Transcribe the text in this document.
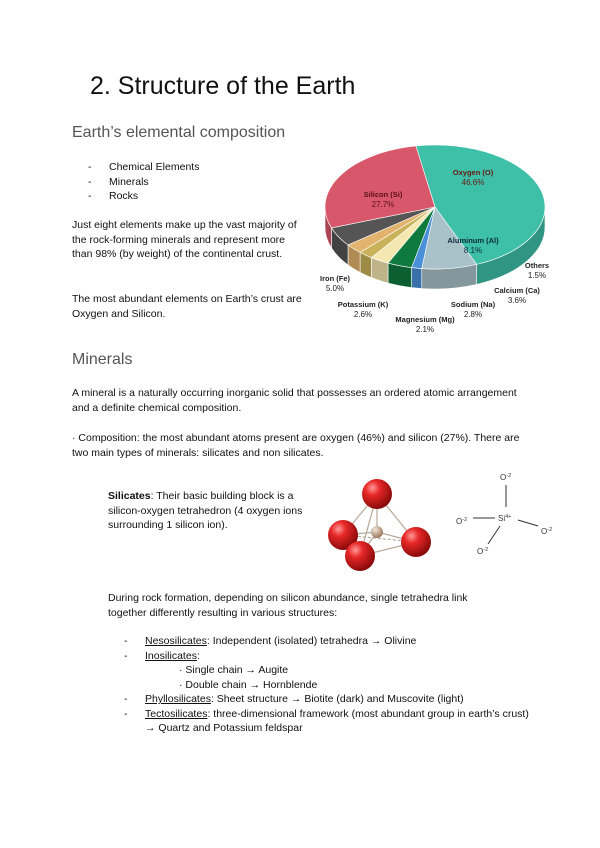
2. Structure of the Earth
Earth’s elemental composition
- Chemical Elements
- Minerals
- Rocks
Just eight elements make up the vast majority of the rock-forming minerals and represent more than 98% (by weight) of the continental crust.
The most abundant elements on Earth’s crust are Oxygen and Silicon.
Oxygen (O)
46.6%
Aluminum (Al)
8.1%
Others
1.5%
Calcium (Ca)
3.6%
Sodium (Na)
2.8%
Magnesium (Mg)
2.1%
Potassium (K)
2.6%
Iron (Fe)
5.0%
Silicon (Si)
27.7%
Minerals
A mineral is a naturally occurring inorganic solid that possesses an ordered atomic arrangement and a definite chemical composition.
· Composition: the most abundant atoms present are oxygen (46%) and silicon (27%). There are two main types of minerals: silicates and non silicates.
Silicates: Their basic building block is a silicon-oxygen tetrahedron (4 oxygen ions surrounding 1 silicon ion).
$O^{-2}$
$O^{-2}$	$Si^{4+}$
$O^{-2}$
$O^{-2}$
During rock formation, depending on silicon abundance, single tetrahedra link together differently resulting in various structures:
- Nesosilicates: Independent (isolated) tetrahedra → Olivine
- Inosilicates:
· Single chain → Augite
· Double chain → Hornblende
- Phyllosilicates: Sheet structure → Biotite (dark) and Muscovite (light)
- Tectosilicates: three-dimensional framework (most abundant group in earth’s crust) → Quartz and Potassium feldspar
